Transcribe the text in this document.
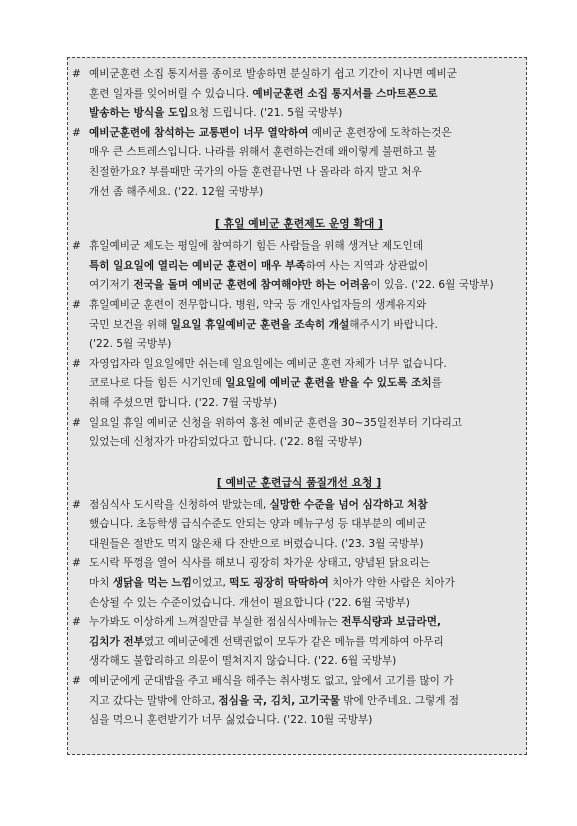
# 예비군훈련 소집 통지서를 종이로 발송하면 분실하기 쉽고 기간이 지나면 예비군
훈련 일자를 잊어버릴 수 있습니다. 예비군훈련 소집 통지서를 스마트폰으로
발송하는 방식을 도입요청 드립니다. ('21. 5월 국방부)
# 예비군훈련에 참석하는 교통편이 너무 열악하여 예비군 훈련장에 도착하는것은
매우 큰 스트레스입니다. 나라를 위해서 훈련하는건데 왜이렇게 불편하고 불
친절한가요? 부를때만 국가의 아들 훈련끝나면 나 몰라라 하지 말고 처우
개선 좀 해주세요. ('22. 12월 국방부)
[ 휴일 예비군 훈련제도 운영 확대 ]
# 휴일예비군 제도는 평일에 참여하기 힘든 사람들을 위해 생겨난 제도인데
특히 일요일에 열리는 예비군 훈련이 매우 부족하여 사는 지역과 상관없이
여기저기 전국을 돌며 예비군 훈련에 참여해야만 하는 어려움이 있음. ('22. 6월 국방부)
# 휴일예비군 훈련이 전무합니다. 병원, 약국 등 개인사업자들의 생계유지와
국민 보건을 위해 일요일 휴일예비군 훈련을 조속히 개설해주시기 바랍니다.
('22. 5월 국방부)
# 자영업자라 일요일에만 쉬는데 일요일에는 예비군 훈련 자체가 너무 없습니다.
코로나로 다들 힘든 시기인데 일요일에 예비군 훈련을 받을 수 있도록 조치를
취해 주셨으면 합니다. ('22. 7월 국방부)
# 일요일 휴일 예비군 신청을 위하여 홍천 예비군 훈련을 30~35일전부터 기다리고
있었는데 신청자가 마감되었다고 합니다. ('22. 8월 국방부)
[ 예비군 훈련급식 품질개선 요청 ]
# 점심식사 도시락을 신청하여 받았는데, 실망한 수준을 넘어 심각하고 처참
했습니다. 초등학생 급식수준도 안되는 양과 메뉴구성 등 대부분의 예비군
대원들은 절반도 먹지 않은채 다 잔반으로 버렸습니다. ('23. 3월 국방부)
# 도시락 뚜껑을 열어 식사를 해보니 굉장히 차가운 상태고, 양념된 닭요리는
마치 생닭을 먹는 느낌이었고, 떡도 굉장히 딱딱하여 치아가 약한 사람은 치아가
손상될 수 있는 수준이었습니다. 개선이 필요합니다 ('22. 6월 국방부)
# 누가봐도 이상하게 느껴질만큼 부실한 점심식사메뉴는 전투식량과 보급라면,
김치가 전부였고 예비군에겐 선택권없이 모두가 같은 메뉴를 먹게하여 아무리
생각해도 불합리하고 의문이 떨쳐지지 않습니다. ('22. 6월 국방부)
# 예비군에게 군대밥을 주고 배식을 해주는 취사병도 없고, 앞에서 고기를 많이 가
지고 갔다는 말밖에 안하고, 점심을 국, 김치, 고기국물 밖에 안주네요. 그렇게 점
심을 먹으니 훈련받기가 너무 싫었습니다. ('22. 10월 국방부)
